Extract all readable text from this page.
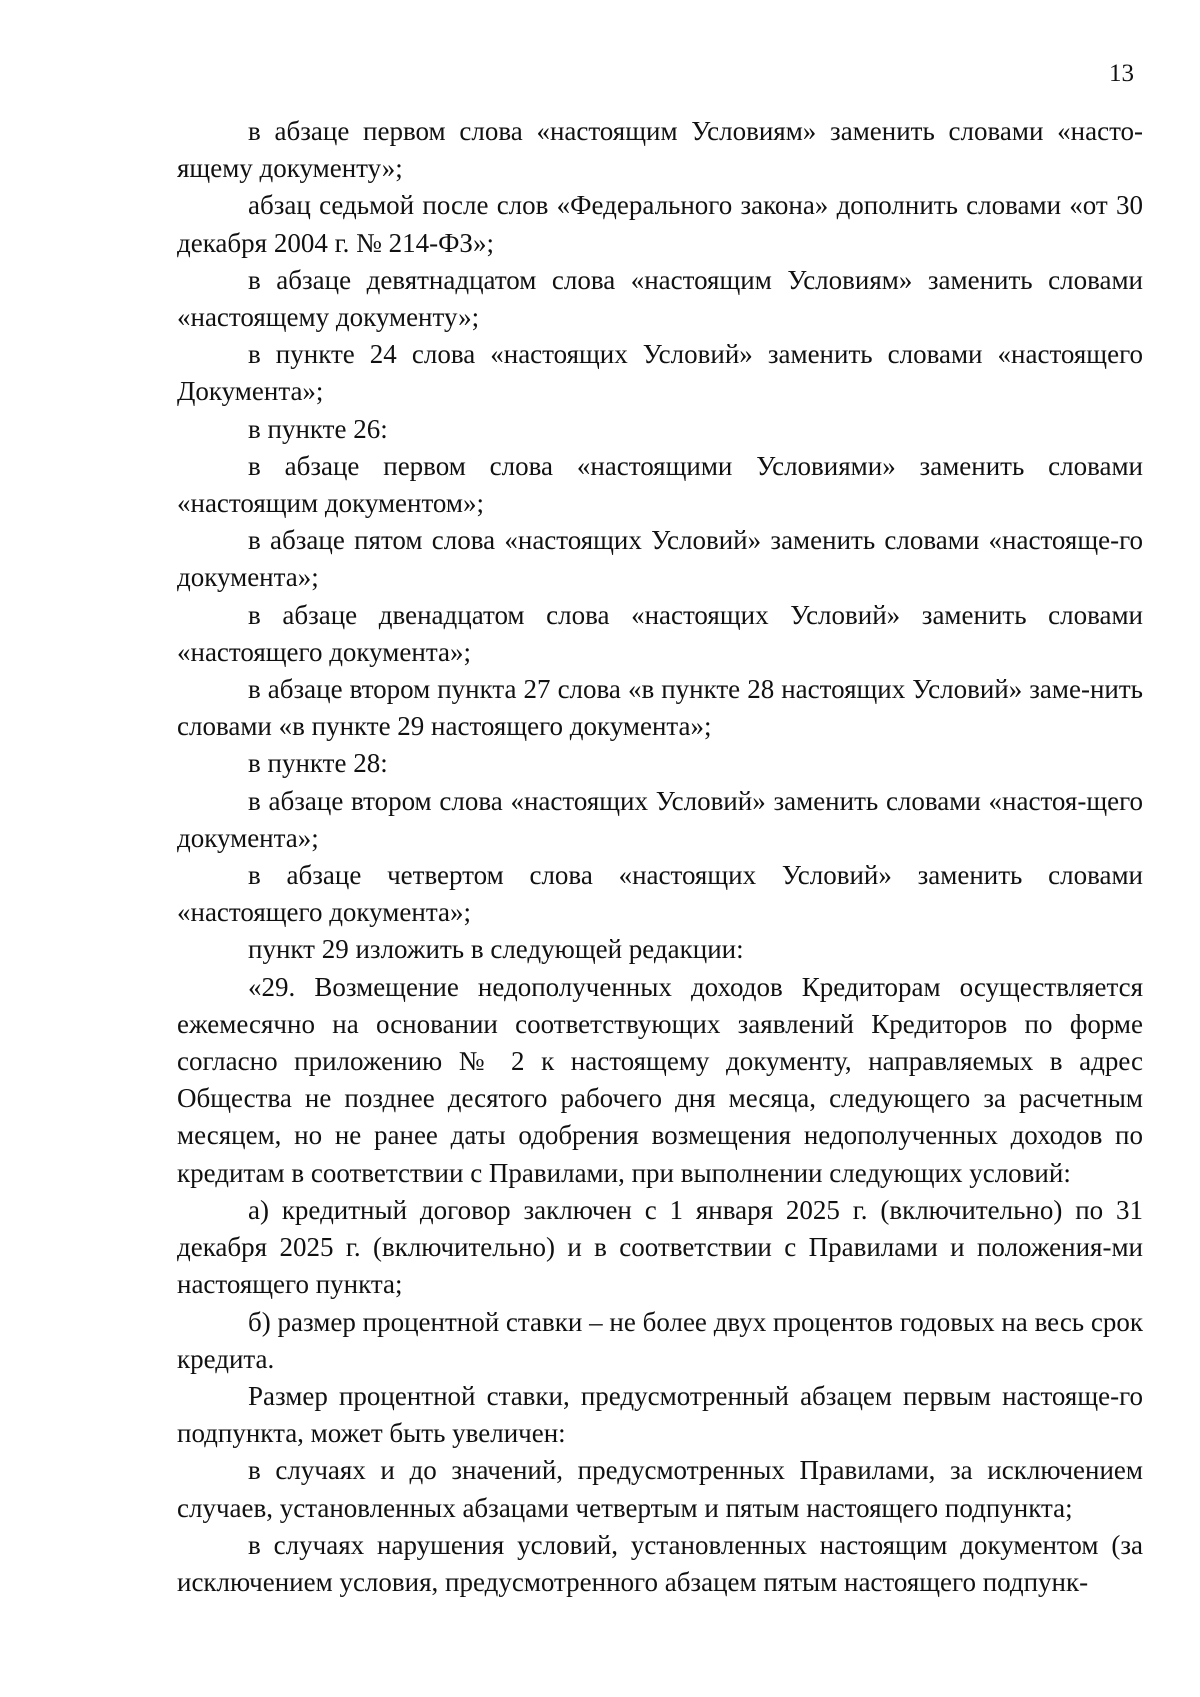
13

в абзаце первом слова «настоящим Условиям» заменить словами «насто-ящему документу»;

абзац седьмой после слов «Федерального закона» дополнить словами «от 30 декабря 2004 г. № 214-ФЗ»;

в абзаце девятнадцатом слова «настоящим Условиям» заменить словами «настоящему документу»;

в пункте 24 слова «настоящих Условий» заменить словами «настоящего Документа»;

в пункте 26:

в абзаце первом слова «настоящими Условиями» заменить словами «настоящим документом»;

в абзаце пятом слова «настоящих Условий» заменить словами «настояще-го документа»;

в абзаце двенадцатом слова «настоящих Условий» заменить словами «настоящего документа»;

в абзаце втором пункта 27 слова «в пункте 28 настоящих Условий» заме-нить словами «в пункте 29 настоящего документа»;

в пункте 28:

в абзаце втором слова «настоящих Условий» заменить словами «настоя-щего документа»;

в абзаце четвертом слова «настоящих Условий» заменить словами «настоящего документа»;

пункт 29 изложить в следующей редакции:

«29. Возмещение недополученных доходов Кредиторам осуществляется ежемесячно на основании соответствующих заявлений Кредиторов по форме согласно приложению № 2 к настоящему документу, направляемых в адрес Общества не позднее десятого рабочего дня месяца, следующего за расчетным месяцем, но не ранее даты одобрения возмещения недополученных доходов по кредитам в соответствии с Правилами, при выполнении следующих условий:

а) кредитный договор заключен с 1 января 2025 г. (включительно) по 31 декабря 2025 г. (включительно) и в соответствии с Правилами и положения-ми настоящего пункта;

б) размер процентной ставки – не более двух процентов годовых на весь срок кредита.

Размер процентной ставки, предусмотренный абзацем первым настояще-го подпункта, может быть увеличен:

в случаях и до значений, предусмотренных Правилами, за исключением случаев, установленных абзацами четвертым и пятым настоящего подпункта;

в случаях нарушения условий, установленных настоящим документом (за исключением условия, предусмотренного абзацем пятым настоящего подпунк-
